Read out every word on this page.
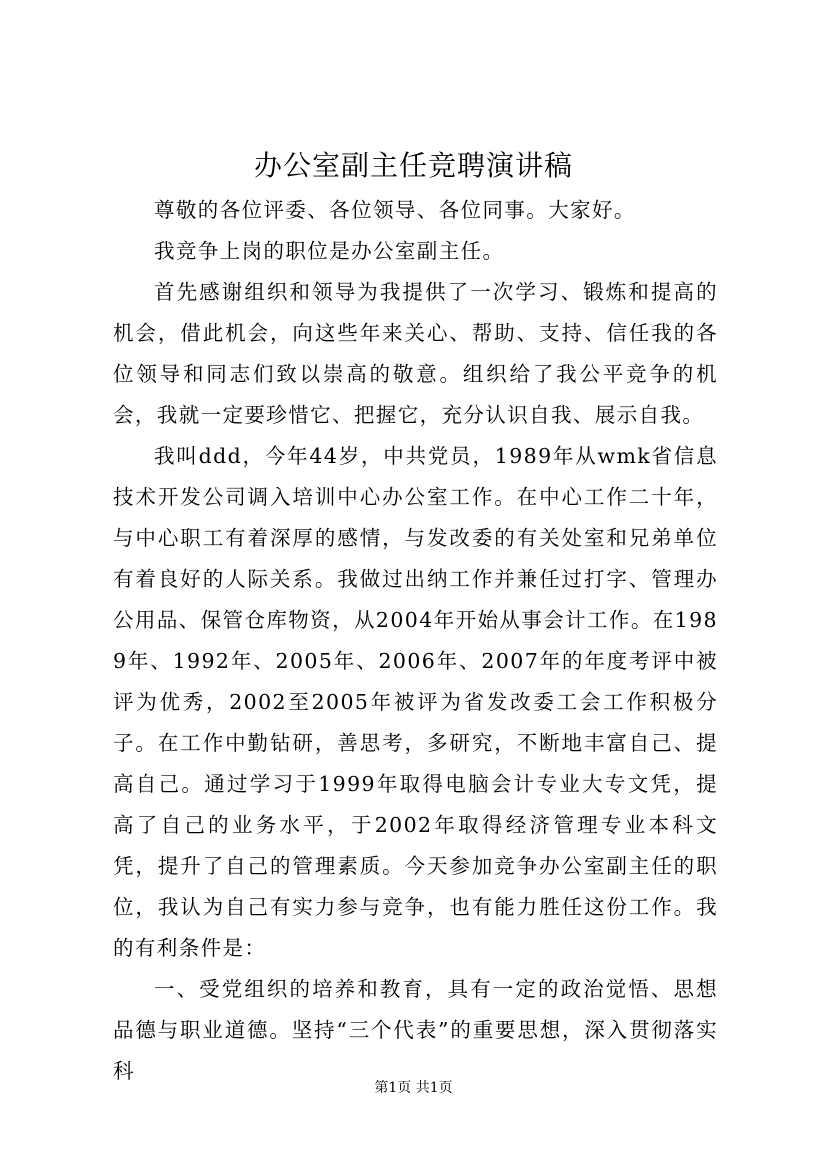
办公室副主任竞聘演讲稿

尊敬的各位评委、各位领导、各位同事。大家好。

我竞争上岗的职位是办公室副主任。

首先感谢组织和领导为我提供了一次学习、锻炼和提高的机会，借此机会，向这些年来关心、帮助、支持、信任我的各位领导和同志们致以崇高的敬意。组织给了我公平竞争的机会，我就一定要珍惜它、把握它，充分认识自我、展示自我。

我叫ddd，今年44岁，中共党员，1989年从wmk省信息技术开发公司调入培训中心办公室工作。在中心工作二十年，与中心职工有着深厚的感情，与发改委的有关处室和兄弟单位有着良好的人际关系。我做过出纳工作并兼任过打字、管理办公用品、保管仓库物资，从2004年开始从事会计工作。在1989年、1992年、2005年、2006年、2007年的年度考评中被评为优秀，2002至2005年被评为省发改委工会工作积极分子。在工作中勤钻研，善思考，多研究，不断地丰富自己、提高自己。通过学习于1999年取得电脑会计专业大专文凭，提高了自己的业务水平，于2002年取得经济管理专业本科文凭，提升了自己的管理素质。今天参加竞争办公室副主任的职位，我认为自己有实力参与竞争，也有能力胜任这份工作。我的有利条件是：

一、受党组织的培养和教育，具有一定的政治觉悟、思想品德与职业道德。坚持“三个代表”的重要思想，深入贯彻落实科

第1页 共1页
